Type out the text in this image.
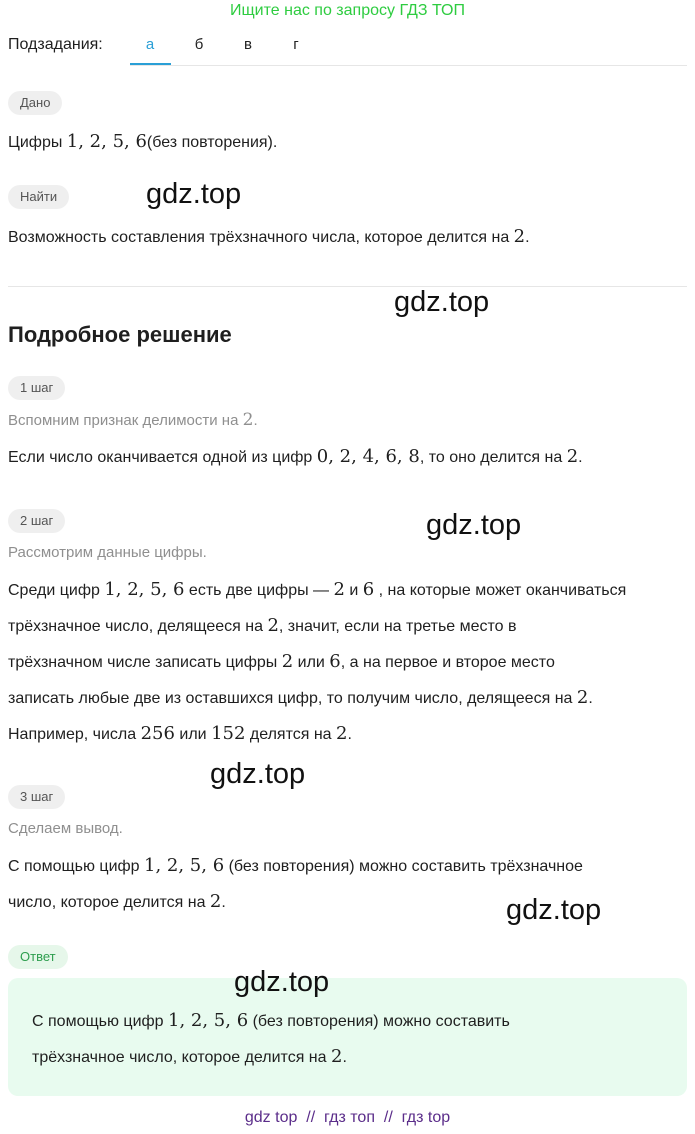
Ищите нас по запросу ГДЗ ТОП
Подзадания:	а	б	в	г
Дано
Цифры 1, 2, 5, 6(без повторения).
Найти	gdz.top
Возможность составления трёхзначного числа, которое делится на 2.
gdz.top
Подробное решение
1 шаг
Вспомним признак делимости на 2.
Если число оканчивается одной из цифр 0, 2, 4, 6, 8, то оно делится на 2.
2 шаг	gdz.top
Рассмотрим данные цифры.
Среди цифр 1, 2, 5, 6 есть две цифры — 2 и 6 , на которые может оканчиваться
трёхзначное число, делящееся на 2, значит, если на третье место в
трёхзначном числе записать цифры 2 или 6, а на первое и второе место
записать любые две из оставшихся цифр, то получим число, делящееся на 2.
Например, числа 256 или 152 делятся на 2.
gdz.top
3 шаг
Сделаем вывод.
С помощью цифр 1, 2, 5, 6 (без повторения) можно составить трёхзначное
число, которое делится на 2.	gdz.top
Ответ
gdz.top
С помощью цифр 1, 2, 5, 6 (без повторения) можно составить
трёхзначное число, которое делится на 2.
gdz top  //  гдз топ  //  гдз top
